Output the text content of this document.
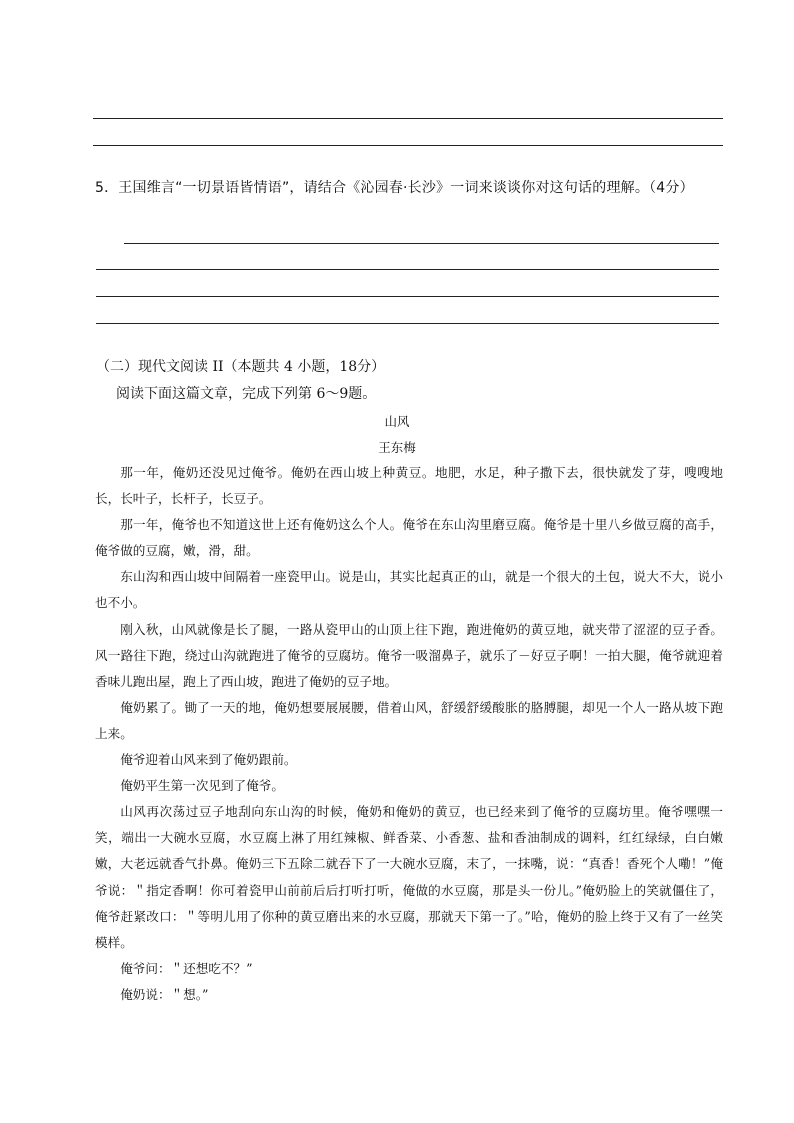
5．王国维言“一切景语皆情语”，请结合《沁园春·长沙》一词来谈谈你对这句话的理解。（4分）
（二）现代文阅读 II（本题共 4 小题，18分）
阅读下面这篇文章，完成下列第 6～9题。
山风
王东梅

那一年，俺奶还没见过俺爷。俺奶在西山坡上种黄豆。地肥，水足，种子撒下去，很快就发了芽，嗖嗖地长，长叶子，长杆子，长豆子。

那一年，俺爷也不知道这世上还有俺奶这么个人。俺爷在东山沟里磨豆腐。俺爷是十里八乡做豆腐的高手，俺爷做的豆腐，嫩，滑，甜。

东山沟和西山坡中间隔着一座瓷甲山。说是山，其实比起真正的山，就是一个很大的土包，说大不大，说小也不小。

刚入秋，山风就像是长了腿，一路从瓷甲山的山顶上往下跑，跑进俺奶的黄豆地，就夹带了涩涩的豆子香。风一路往下跑，绕过山沟就跑进了俺爷的豆腐坊。俺爷一吸溜鼻子，就乐了－好豆子啊！一拍大腿，俺爷就迎着香味儿跑出屋，跑上了西山坡，跑进了俺奶的豆子地。

俺奶累了。锄了一天的地，俺奶想要展展腰，借着山风，舒缓舒缓酸胀的胳膊腿，却见一个人一路从坡下跑上来。

俺爷迎着山风来到了俺奶跟前。

俺奶平生第一次见到了俺爷。

山风再次荡过豆子地刮向东山沟的时候，俺奶和俺奶的黄豆，也已经来到了俺爷的豆腐坊里。俺爷嘿嘿一笑，端出一大碗水豆腐，水豆腐上淋了用红辣椒、鲜香菜、小香葱、盐和香油制成的调料，红红绿绿，白白嫩嫩，大老远就香气扑鼻。俺奶三下五除二就吞下了一大碗水豆腐，末了，一抹嘴，说：“真香！香死个人嘞！”俺爷说：＂指定香啊！你可着瓷甲山前前后后打听打听，俺做的水豆腐，那是头一份儿。”俺奶脸上的笑就僵住了，俺爷赶紧改口：＂等明儿用了你种的黄豆磨出来的水豆腐，那就天下第一了。”哈，俺奶的脸上终于又有了一丝笑模样。

俺爷问：＂还想吃不？”

俺奶说：＂想。”
